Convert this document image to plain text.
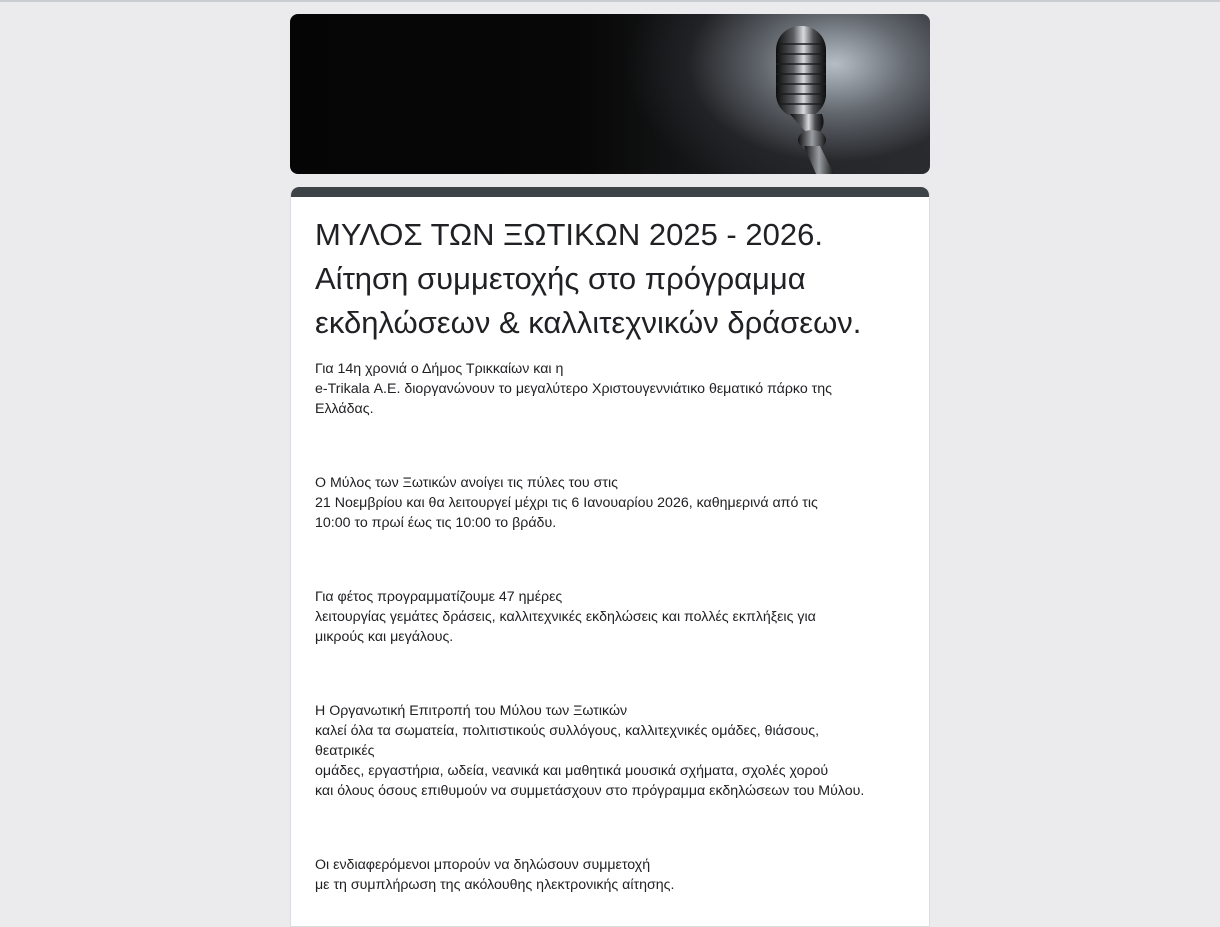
ΜΥΛΟΣ ΤΩΝ ΞΩΤΙΚΩΝ 2025 - 2026.
Αίτηση συμμετοχής στο πρόγραμμα
εκδηλώσεων & καλλιτεχνικών δράσεων.
Για 14η χρονιά ο Δήμος Τρικκαίων και η
e-Trikala Α.Ε. διοργανώνουν το μεγαλύτερο Χριστουγεννιάτικο θεματικό πάρκο της
Ελλάδας.
Ο Μύλος των Ξωτικών ανοίγει τις πύλες του στις
21 Νοεμβρίου και θα λειτουργεί μέχρι τις 6 Ιανουαρίου 2026, καθημερινά από τις
10:00 το πρωί έως τις 10:00 το βράδυ.
Για φέτος προγραμματίζουμε 47 ημέρες
λειτουργίας γεμάτες δράσεις, καλλιτεχνικές εκδηλώσεις και πολλές εκπλήξεις για
μικρούς και μεγάλους.
Η Οργανωτική Επιτροπή του Μύλου των Ξωτικών
καλεί όλα τα σωματεία, πολιτιστικούς συλλόγους, καλλιτεχνικές ομάδες, θιάσους,
θεατρικές
ομάδες, εργαστήρια, ωδεία, νεανικά και μαθητικά μουσικά σχήματα, σχολές χορού
και όλους όσους επιθυμούν να συμμετάσχουν στο πρόγραμμα εκδηλώσεων του Μύλου.
Οι ενδιαφερόμενοι μπορούν να δηλώσουν συμμετοχή
με τη συμπλήρωση της ακόλουθης ηλεκτρονικής αίτησης.
